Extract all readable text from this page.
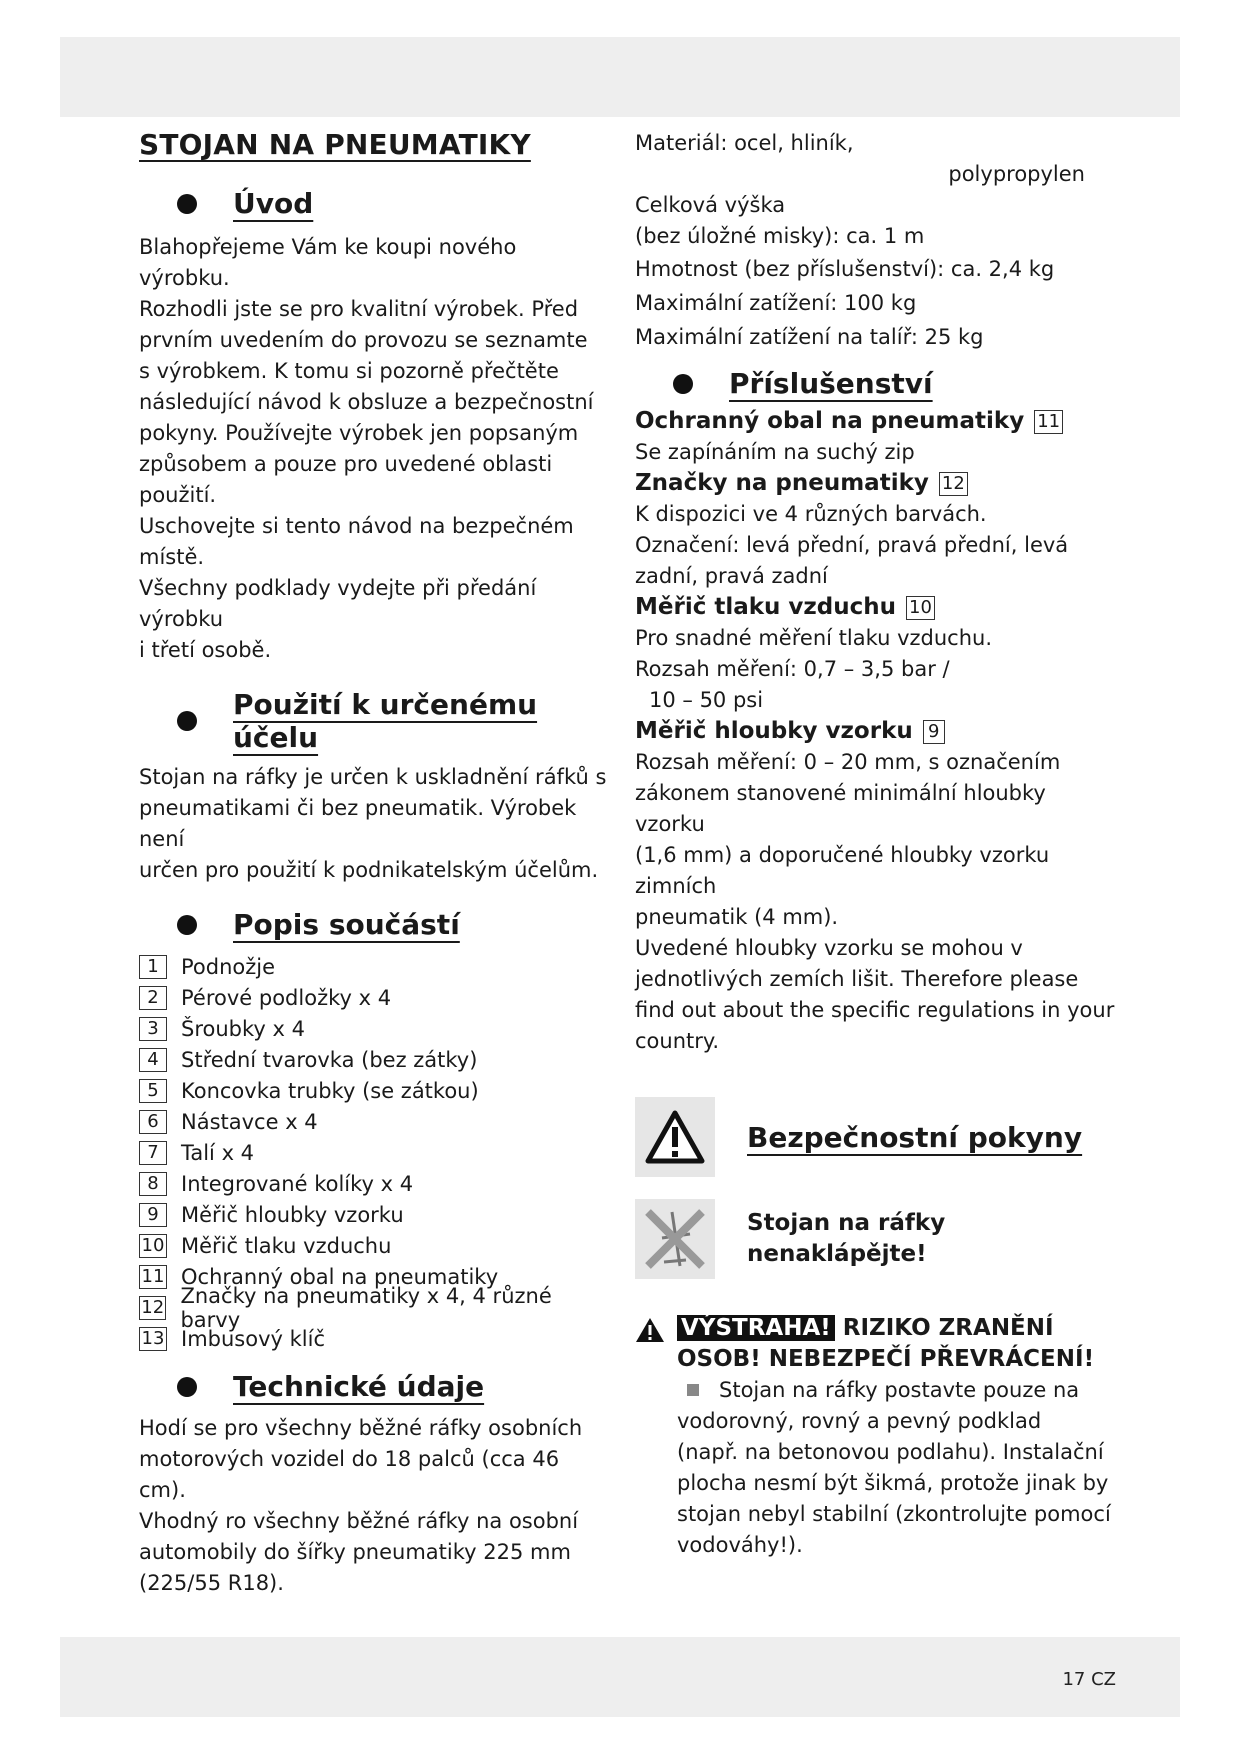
STOJAN NA PNEUMATIKY
Úvod

Blahopřejeme Vám ke koupi nového výrobku.

Rozhodli jste se pro kvalitní výrobek. Před

prvním uvedením do provozu se seznamte

s výrobkem. K tomu si pozorně přečtěte

následující návod k obsluze a bezpečnostní

pokyny. Používejte výrobek jen popsaným

způsobem a pouze pro uvedené oblasti použití.

Uschovejte si tento návod na bezpečném místě.

Všechny podklady vydejte při předání výrobku

i třetí osobě.

Použití k určenému účelu

Stojan na ráfky je určen k uskladnění ráfků s

pneumatikami či bez pneumatik. Výrobek není

určen pro použití k podnikatelským účelům.

Popis součástí
1	Podnožje
2	Pérové podložky x 4
3	Šroubky x 4
4	Střední tvarovka (bez zátky)
5	Koncovka trubky (se zátkou)
6	Nástavce x 4
7	Talí x 4
8	Integrované kolíky x 4
9	Měřič hloubky vzorku
10 Měřič tlaku vzduchu
11 Ochranný obal na pneumatiky
12 Značky na pneumatiky x 4, 4 různé barvy
13 Imbusový klíč
Technické údaje

Hodí se pro všechny běžné ráfky osobních

motorových vozidel do 18 palců (cca 46 cm).

Vhodný ro všechny běžné ráfky na osobní

automobily do šířky pneumatiky 225 mm

(225/55 R18).

Materiál: ocel, hliník,

polypropylen

Celková výška

(bez úložné misky): ca. 1 m

Hmotnost (bez příslušenství): ca. 2,4 kg

Maximální zatížení: 100 kg

Maximální zatížení na talíř: 25 kg

Příslušenství
Ochranný obal na pneumatiky 11

Se zapínáním na suchý zip

Značky na pneumatiky 12

K dispozici ve 4 různých barvách.

Označení: levá přední, pravá přední, levá

zadní, pravá zadní

Měřič tlaku vzduchu 10

Pro snadné měření tlaku vzduchu.

Rozsah měření: 0,7 – 3,5 bar /

10 – 50 psi

Měřič hloubky vzorku 9

Rozsah měření: 0 – 20 mm, s označením

zákonem stanovené minimální hloubky vzorku

(1,6 mm) a doporučené hloubky vzorku zimních

pneumatik (4 mm).

Uvedené hloubky vzorku se mohou v

jednotlivých zemích lišit. Therefore please

find out about the specific regulations in your

country.

Bezpečnostní pokyny
Stojan na ráfky
nenaklápějte!
VÝSTRAHA! RIZIKO ZRANĚNÍ
OSOB! NEBEZPEČÍ PŘEVRÁCENÍ!
Stojan na ráfky postavte pouze na
vodorovný, rovný a pevný podklad
(např. na betonovou podlahu). Instalační
plocha nesmí být šikmá, protože jinak by
stojan nebyl stabilní (zkontrolujte pomocí
vodováhy!).
17 CZ
